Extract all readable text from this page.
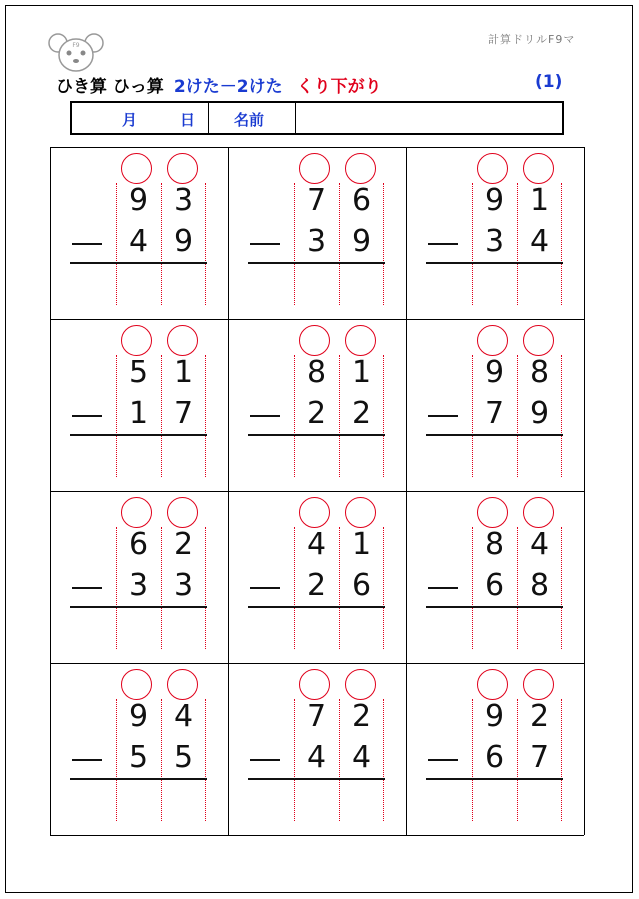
F9	計算ドリルF9マ
ひき算 ひっ算 2けた－2けた くり下がり	(1)
月	日	名前
9 3
4 9
7 6
3 9
9 1
3 4
5 1
1 7
8 1
2 2
9 8
7 9
6 2
3 3
4 1
2 6
8 4
6 8
9 4
5 5
7 2
4 4
9 2
6 7
